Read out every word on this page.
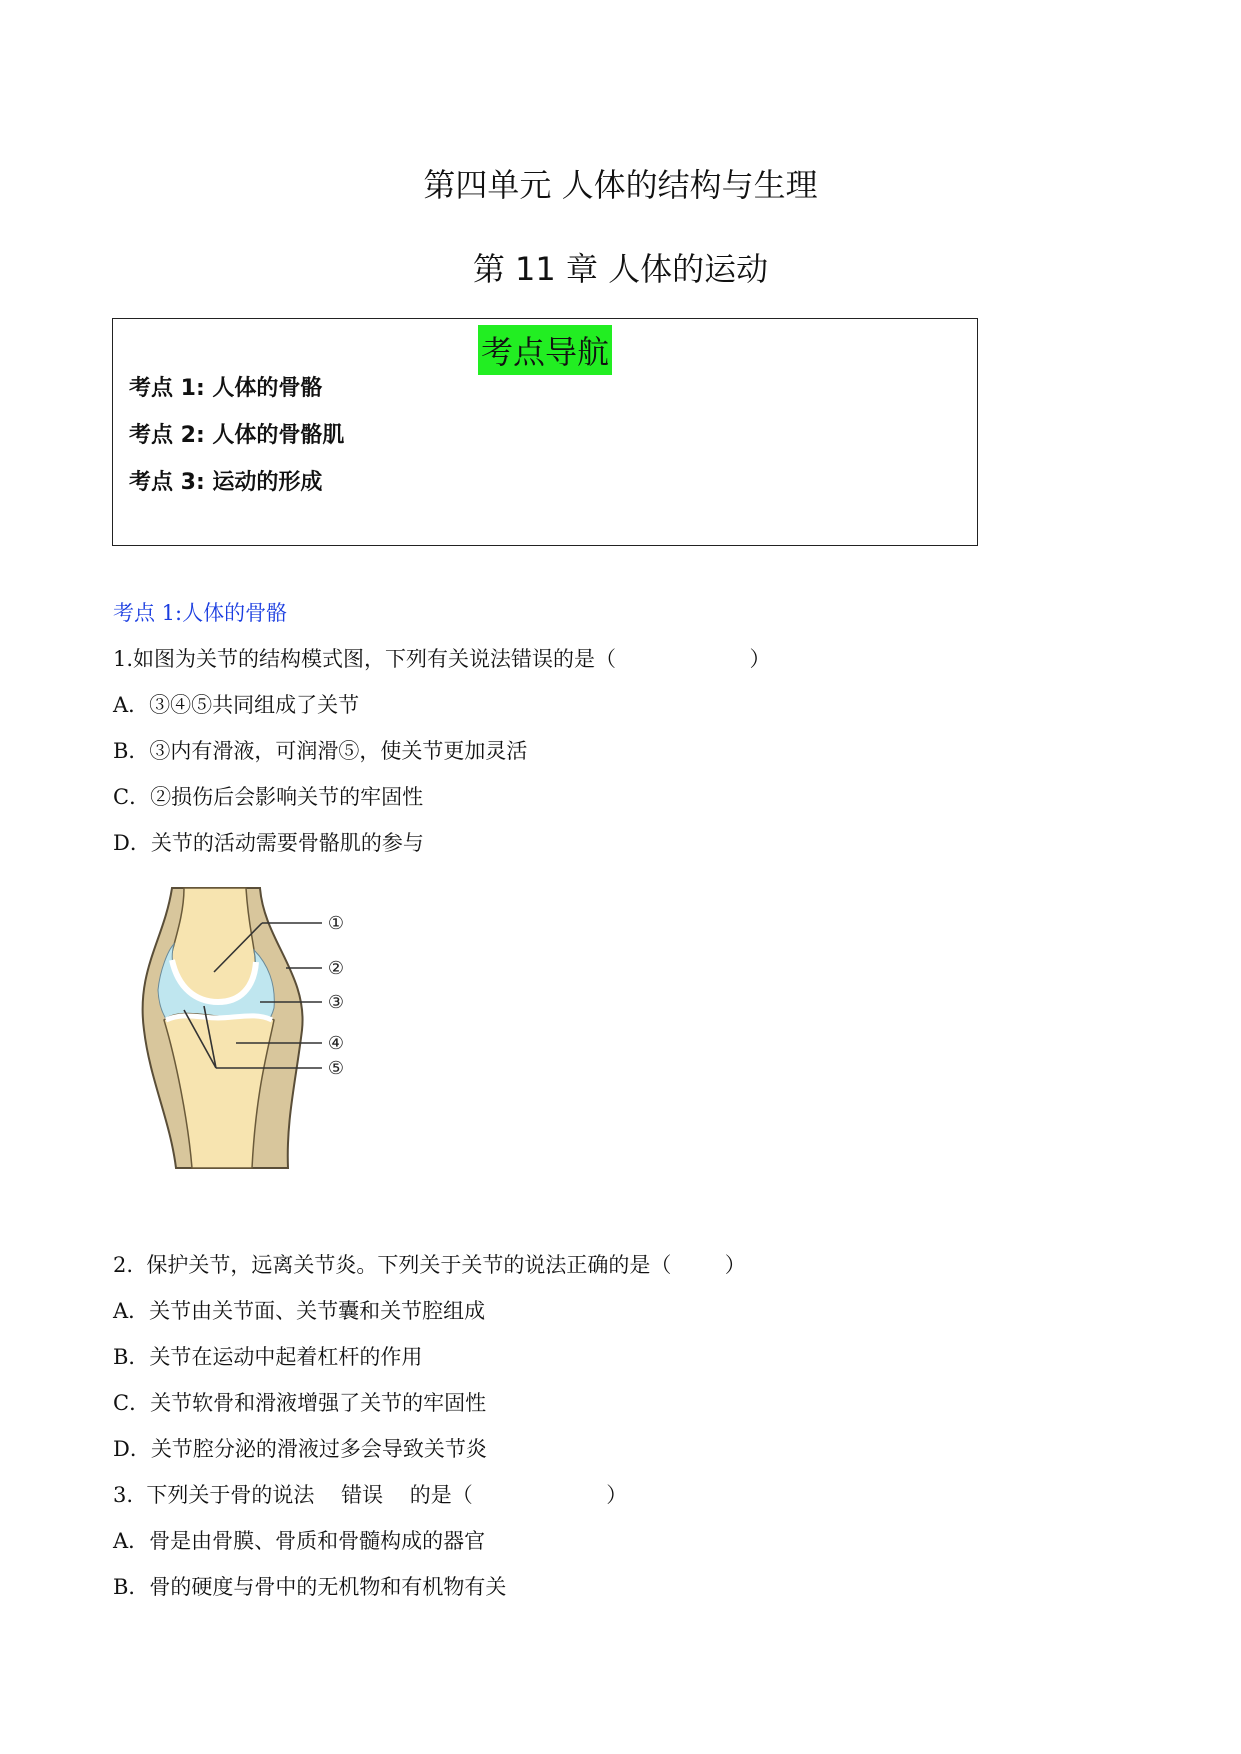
第四单元 人体的结构与生理
第 11 章 人体的运动
考点导航
考点 1: 人体的骨骼
考点 2: 人体的骨骼肌
考点 3: 运动的形成
考点 1:人体的骨骼
1.如图为关节的结构模式图，下列有关说法错误的是（                    ）
A．③④⑤共同组成了关节
B．③内有滑液，可润滑⑤，使关节更加灵活
C．②损伤后会影响关节的牢固性
D．关节的活动需要骨骼肌的参与
①
②
③
④
⑤
2.  保护关节，远离关节炎。下列关于关节的说法正确的是（        ）
A．关节由关节面、关节囊和关节腔组成
B．关节在运动中起着杠杆的作用
C．关节软骨和滑液增强了关节的牢固性
D．关节腔分泌的滑液过多会导致关节炎
3.  下列关于骨的说法    错误    的是（                    ）
A．骨是由骨膜、骨质和骨髓构成的器官
B．骨的硬度与骨中的无机物和有机物有关
